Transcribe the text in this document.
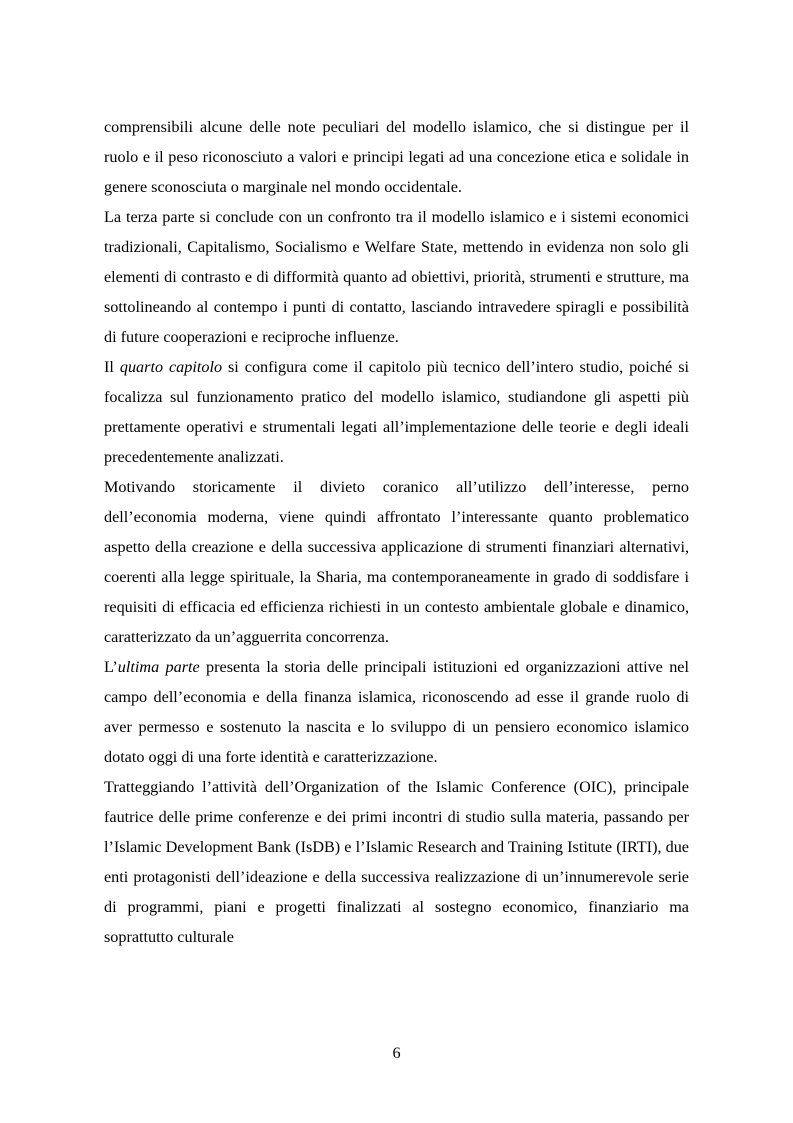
comprensibili alcune delle note peculiari del modello islamico, che si distingue per il ruolo e il peso riconosciuto a valori e principi legati ad una concezione etica e solidale in genere sconosciuta o marginale nel mondo occidentale.

La terza parte si conclude con un confronto tra il modello islamico e i sistemi economici tradizionali, Capitalismo, Socialismo e Welfare State, mettendo in evidenza non solo gli elementi di contrasto e di difformità quanto ad obiettivi, priorità, strumenti e strutture, ma sottolineando al contempo i punti di contatto, lasciando intravedere spiragli e possibilità di future cooperazioni e reciproche influenze.

Il quarto capitolo si configura come il capitolo più tecnico dell’intero studio, poiché si focalizza sul funzionamento pratico del modello islamico, studiandone gli aspetti più prettamente operativi e strumentali legati all’implementazione delle teorie e degli ideali precedentemente analizzati.

Motivando storicamente il divieto coranico all’utilizzo dell’interesse, perno dell’economia moderna, viene quindi affrontato l’interessante quanto problematico aspetto della creazione e della successiva applicazione di strumenti finanziari alternativi, coerenti alla legge spirituale, la Sharia, ma contemporaneamente in grado di soddisfare i requisiti di efficacia ed efficienza richiesti in un contesto ambientale globale e dinamico, caratterizzato da un’agguerrita concorrenza.

L’ultima parte presenta la storia delle principali istituzioni ed organizzazioni attive nel campo dell’economia e della finanza islamica, riconoscendo ad esse il grande ruolo di aver permesso e sostenuto la nascita e lo sviluppo di un pensiero economico islamico dotato oggi di una forte identità e caratterizzazione.

Tratteggiando l’attività dell’Organization of the Islamic Conference (OIC), principale fautrice delle prime conferenze e dei primi incontri di studio sulla materia, passando per l’Islamic Development Bank (IsDB) e l’Islamic Research and Training Istitute (IRTI), due enti protagonisti dell’ideazione e della successiva realizzazione di un’innumerevole serie di programmi, piani e progetti finalizzati al sostegno economico, finanziario ma soprattutto culturale

6
